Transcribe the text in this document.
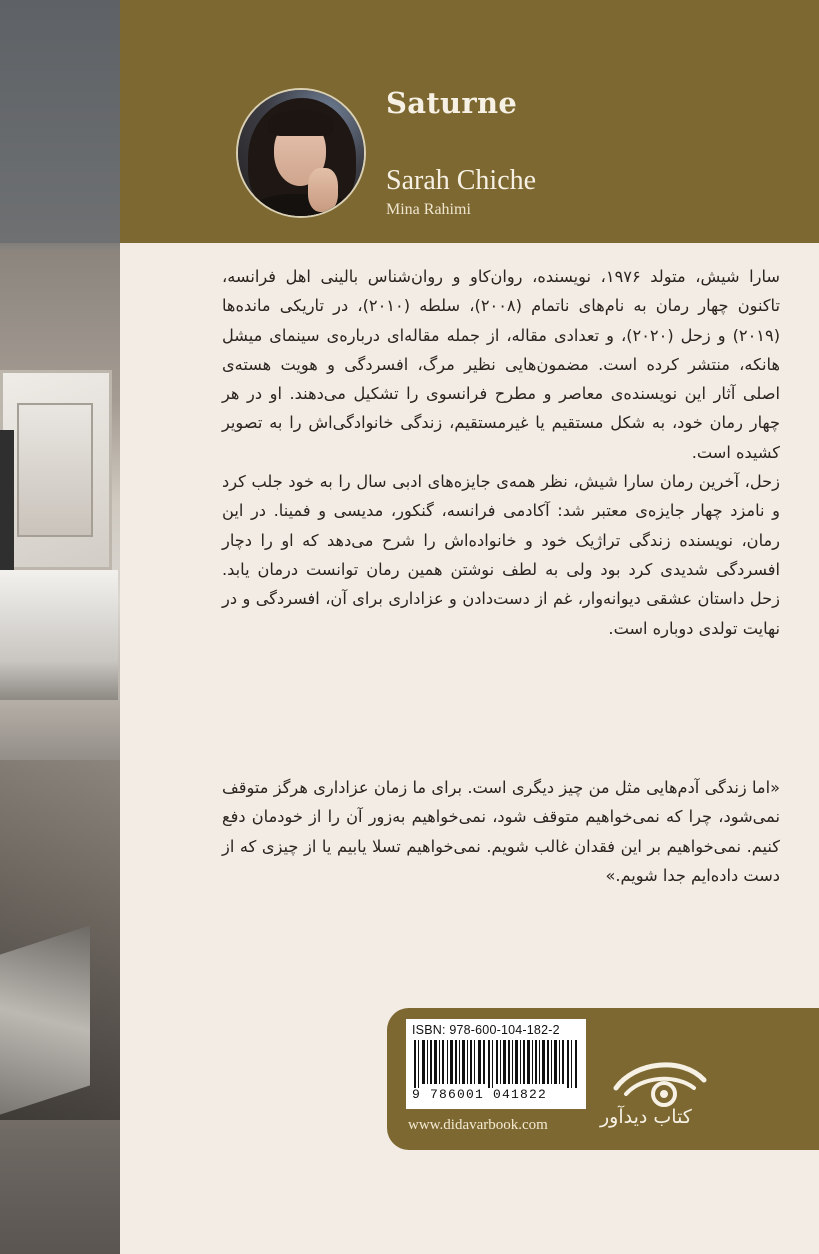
Saturne
Sarah Chiche
Mina Rahimi

سارا شیش، متولد ۱۹۷۶، نویسنده، روان‌کاو و روان‌شناس بالینی اهل فرانسه، تاکنون چهار رمان به نام‌های ناتمام (۲۰۰۸)، سلطه (۲۰۱۰)، در تاریکی مانده‌ها (۲۰۱۹) و زحل (۲۰۲۰)، و تعدادی مقاله، از جمله مقاله‌ای درباره‌ی سینمای میشل هانکه، منتشر کرده است. مضمون‌هایی نظیر مرگ، افسردگی و هویت هسته‌ی اصلی آثار این نویسنده‌ی معاصر و مطرح فرانسوی را تشکیل می‌دهند. او در هر چهار رمان خود، به شکل مستقیم یا غیرمستقیم، زندگی خانوادگی‌اش را به تصویر کشیده است.

زحل، آخرین رمان سارا شیش، نظر همه‌ی جایزه‌های ادبی سال را به خود جلب کرد و نامزد چهار جایزه‌ی معتبر شد: آکادمی فرانسه، گنکور، مدیسی و فمینا. در این رمان، نویسنده زندگی تراژیک خود و خانواده‌اش را شرح می‌دهد که او را دچار افسردگی شدیدی کرد بود ولی به لطف نوشتن همین رمان توانست درمان یابد. زحل داستان عشقی دیوانه‌وار، غم از دست‌دادن و عزاداری برای آن، افسردگی و در نهایت تولدی دوباره است.

«اما زندگی آدم‌هایی مثل من چیز دیگری است. برای ما زمان عزاداری هرگز متوقف نمی‌شود، چرا که نمی‌خواهیم متوقف شود، نمی‌خواهیم به‌زور آن را از خودمان دفع کنیم. نمی‌خواهیم بر این فقدان غالب شویم. نمی‌خواهیم تسلا یابیم یا از چیزی که از دست داده‌ایم جدا شویم.»

ISBN: 978-600-104-182-2
9 786001 041822
www.didavarbook.com	کتاب دیدآور
